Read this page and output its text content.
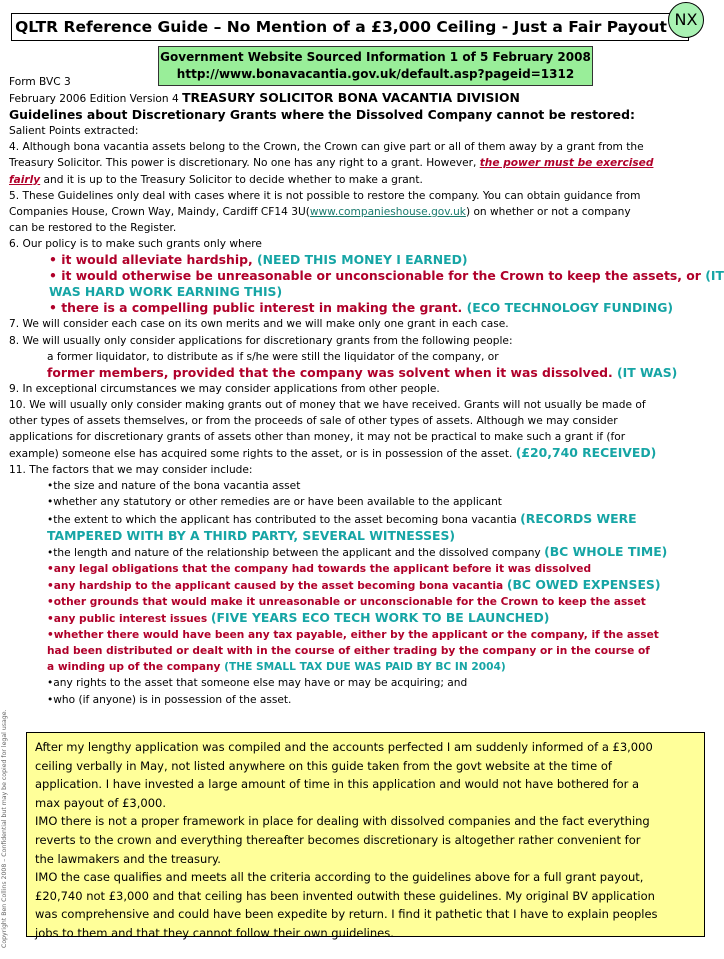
QLTR Reference Guide – No Mention of a £3,000 Ceiling - Just a Fair Payout NX
Government Website Sourced Information 1 of 5 February 2008
http://www.bonavacantia.gov.uk/default.asp?pageid=1312
Form BVC 3
February 2006 Edition Version 4 TREASURY SOLICITOR BONA VACANTIA DIVISION
Guidelines about Discretionary Grants where the Dissolved Company cannot be restored:
Salient Points extracted:
4. Although bona vacantia assets belong to the Crown, the Crown can give part or all of them away by a grant from the
Treasury Solicitor. This power is discretionary. No one has any right to a grant. However, the power must be exercised
fairly and it is up to the Treasury Solicitor to decide whether to make a grant.
5. These Guidelines only deal with cases where it is not possible to restore the company. You can obtain guidance from
Companies House, Crown Way, Maindy, Cardiff CF14 3U(www.companieshouse.gov.uk) on whether or not a company
can be restored to the Register.
6. Our policy is to make such grants only where
• it would alleviate hardship, (NEED THIS MONEY I EARNED)
• it would otherwise be unreasonable or unconscionable for the Crown to keep the assets, or (IT
WAS HARD WORK EARNING THIS)
• there is a compelling public interest in making the grant. (ECO TECHNOLOGY FUNDING)
7. We will consider each case on its own merits and we will make only one grant in each case.
8. We will usually only consider applications for discretionary grants from the following people:
a former liquidator, to distribute as if s/he were still the liquidator of the company, or
former members, provided that the company was solvent when it was dissolved. (IT WAS)
9. In exceptional circumstances we may consider applications from other people.
10. We will usually only consider making grants out of money that we have received. Grants will not usually be made of
other types of assets themselves, or from the proceeds of sale of other types of assets. Although we may consider
applications for discretionary grants of assets other than money, it may not be practical to make such a grant if (for
example) someone else has acquired some rights to the asset, or is in possession of the asset. (£20,740 RECEIVED)
11. The factors that we may consider include:
•the size and nature of the bona vacantia asset
•whether any statutory or other remedies are or have been available to the applicant
•the extent to which the applicant has contributed to the asset becoming bona vacantia (RECORDS WERE
TAMPERED WITH BY A THIRD PARTY, SEVERAL WITNESSES)
•the length and nature of the relationship between the applicant and the dissolved company (BC WHOLE TIME)
•any legal obligations that the company had towards the applicant before it was dissolved
•any hardship to the applicant caused by the asset becoming bona vacantia (BC OWED EXPENSES)
•other grounds that would make it unreasonable or unconscionable for the Crown to keep the asset
•any public interest issues (FIVE YEARS ECO TECH WORK TO BE LAUNCHED)
•whether there would have been any tax payable, either by the applicant or the company, if the asset
had been distributed or dealt with in the course of either trading by the company or in the course of
a winding up of the company (THE SMALL TAX DUE WAS PAID BY BC IN 2004)
•any rights to the asset that someone else may have or may be acquiring; and
•who (if anyone) is in possession of the asset.
Copyright Ben Collins 2008 – Confidential but may be copied for legal usage. After my lengthy application was compiled and the accounts perfected I am suddenly informed of a £3,000
ceiling verbally in May, not listed anywhere on this guide taken from the govt website at the time of
application. I have invested a large amount of time in this application and would not have bothered for a
max payout of £3,000.
IMO there is not a proper framework in place for dealing with dissolved companies and the fact everything
reverts to the crown and everything thereafter becomes discretionary is altogether rather convenient for
the lawmakers and the treasury.
IMO the case qualifies and meets all the criteria according to the guidelines above for a full grant payout,
£20,740 not £3,000 and that ceiling has been invented outwith these guidelines. My original BV application
was comprehensive and could have been expedite by return. I find it pathetic that I have to explain peoples
jobs to them and that they cannot follow their own guidelines.
